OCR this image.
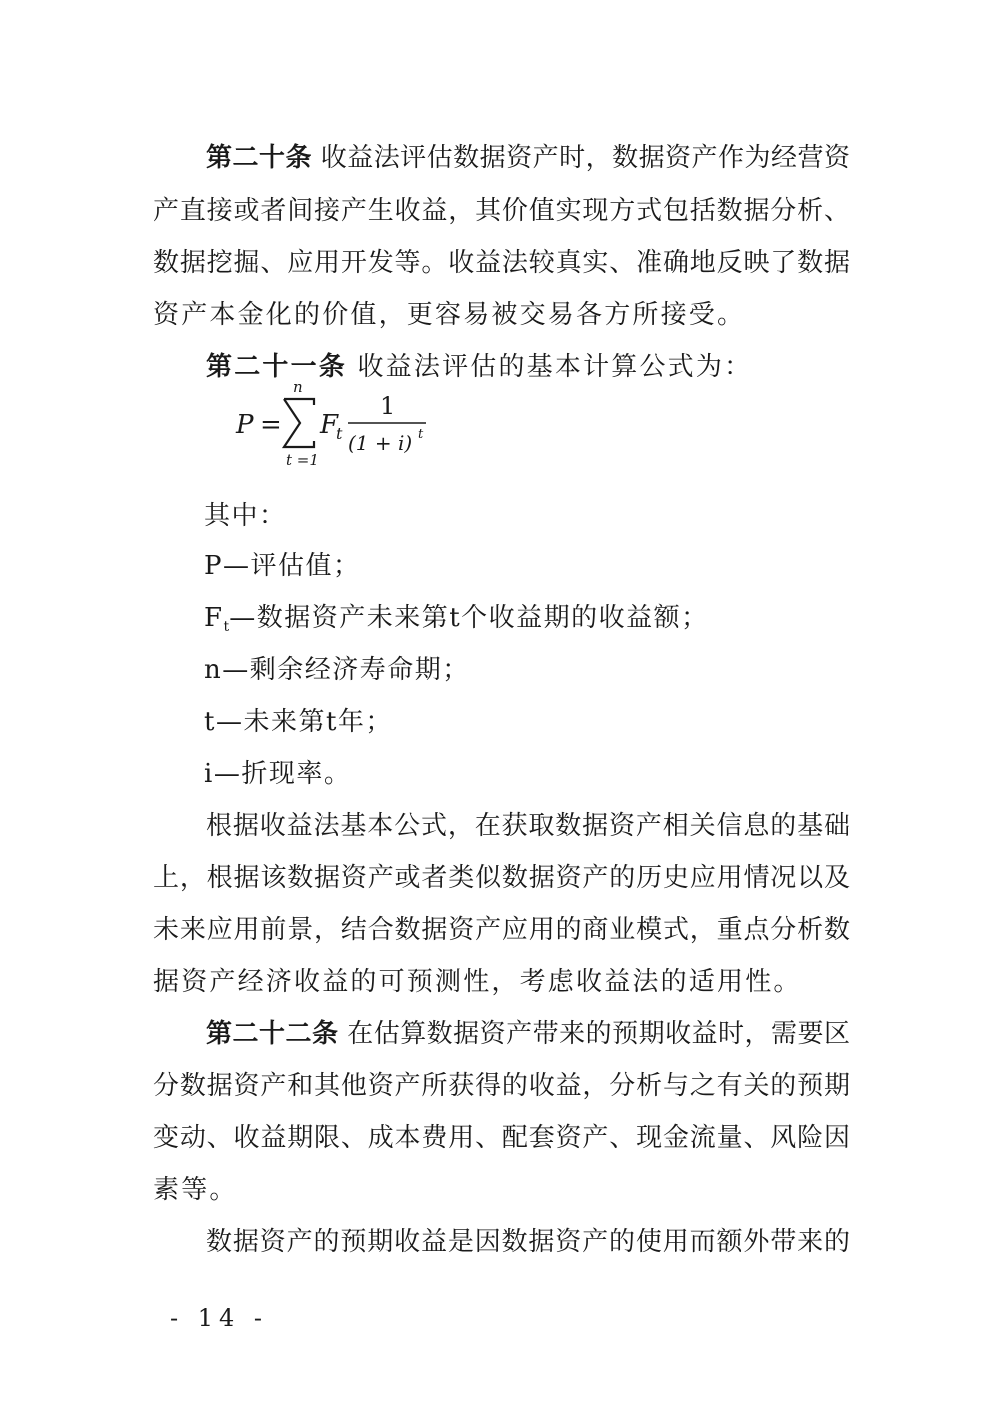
第二十条 收益法评估数据资产时，数据资产作为经营资
产直接或者间接产生收益，其价值实现方式包括数据分析、
数据挖掘、应用开发等。收益法较真实、准确地反映了数据
资产本金化的价值，更容易被交易各方所接受。
第二十一条 收益法评估的基本计算公式为：
P =
n
t =1
F
t
1
(1 + i) t
其中：
P—评估值；
$F_t—$数据资产未来第t个收益期的收益额；
n—剩余经济寿命期；
t—未来第t年；
i—折现率。
根据收益法基本公式，在获取数据资产相关信息的基础
上，根据该数据资产或者类似数据资产的历史应用情况以及
未来应用前景，结合数据资产应用的商业模式，重点分析数
据资产经济收益的可预测性，考虑收益法的适用性。
第二十二条 在估算数据资产带来的预期收益时，需要区
分数据资产和其他资产所获得的收益，分析与之有关的预期
变动、收益期限、成本费用、配套资产、现金流量、风险因
素等。
数据资产的预期收益是因数据资产的使用而额外带来的
- 14 -
